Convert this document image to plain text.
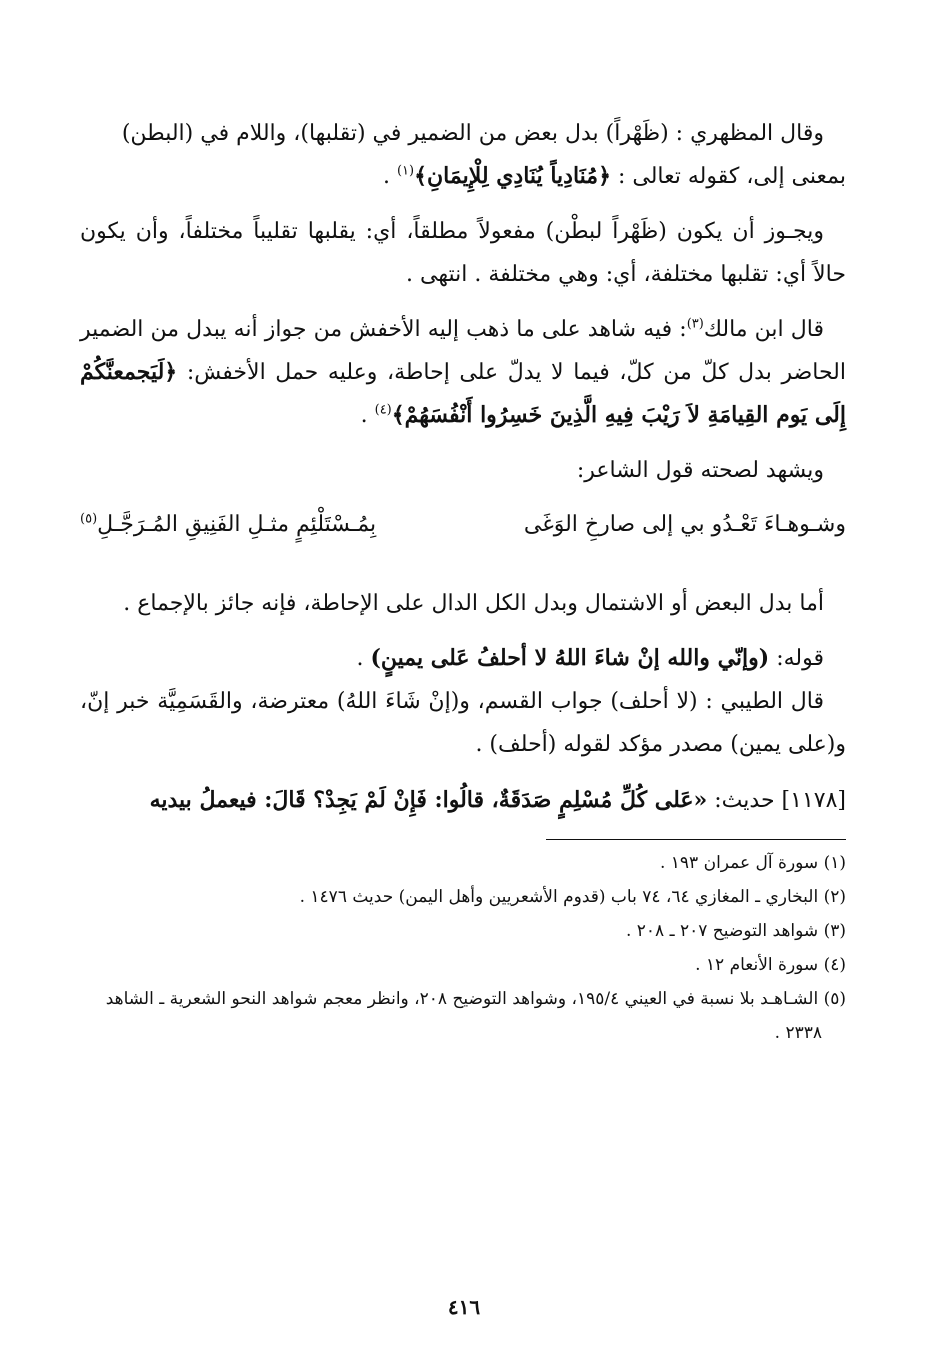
وقال المظهري : (ظَهْراً) بدل بعض من الضمير في (تقلبها)، واللام في (البطن)
بمعنى إلى، كقوله تعالى : ﴿مُنَادِياً يُنَادِي لِلْإِيمَانِ﴾$^{(١)}$ .

ويجـوز أن يكون (ظَهْراً لبطْن) مفعولاً مطلقاً، أي: يقلبها تقليباً مختلفاً، وأن يكون حالاً أي: تقلبها مختلفة، أي: وهي مختلفة . انتهى .

قال ابن مالك$^{(٣)}$: فيه شاهد على ما ذهب إليه الأخفش من جواز أنه يبدل من الضمير الحاضر بدل كلّ من كلّ، فيما لا يدلّ على إحاطة، وعليه حمل الأخفش: ﴿لَيَجمعنَّكُمْ إِلَى يَوم القِيامَةِ لاَ رَيْبَ فِيهِ الَّذِينَ خَسِرُوا أَنْفُسَهُمْ﴾$^{(٤)}$ .

ويشهد لصحته قول الشاعر:

وشـوهـاءَ تَعْـدُو بي إلى صارخِ الوَغَى
بِمُـسْتَلْئِمٍ مثـلِ الفَنِيقِ المُـرَجَّـلِ$^{(٥)}$

أما بدل البعض أو الاشتمال وبدل الكل الدال على الإحاطة، فإنه جائز بالإجماع .

قوله: (وإنّي والله إنْ شاءَ اللهُ لا أحلفُ عَلى يمينٍ) .

قال الطيبي : (لا أحلف) جواب القسم، و(إنْ شَاءَ اللهُ) معترضة، والقَسَمِيَّة خبر إنّ، و(على يمين) مصدر مؤكد لقوله (أحلف) .

[١١٧٨] حديث: «عَلى كُلِّ مُسْلِمٍ صَدَقَةٌ، قالُوا: فَإِنْ لَمْ يَجِدْ؟ قَالَ: فيعملُ بيديه

(١) سورة آل عمران ١٩٣ .

(٢) البخاري ـ المغازي ٦٤، ٧٤ باب (قدوم الأشعريين وأهل اليمن) حديث ١٤٧٦ .

(٣) شواهد التوضيح ٢٠٧ ـ ٢٠٨ .

(٤) سورة الأنعام ١٢ .

(٥) الشـاهـد بلا نسبة في العيني ١٩٥/٤، وشواهد التوضيح ٢٠٨، وانظر معجم شواهد النحو الشعرية ـ الشاهد ٢٣٣٨ .

٤١٦
